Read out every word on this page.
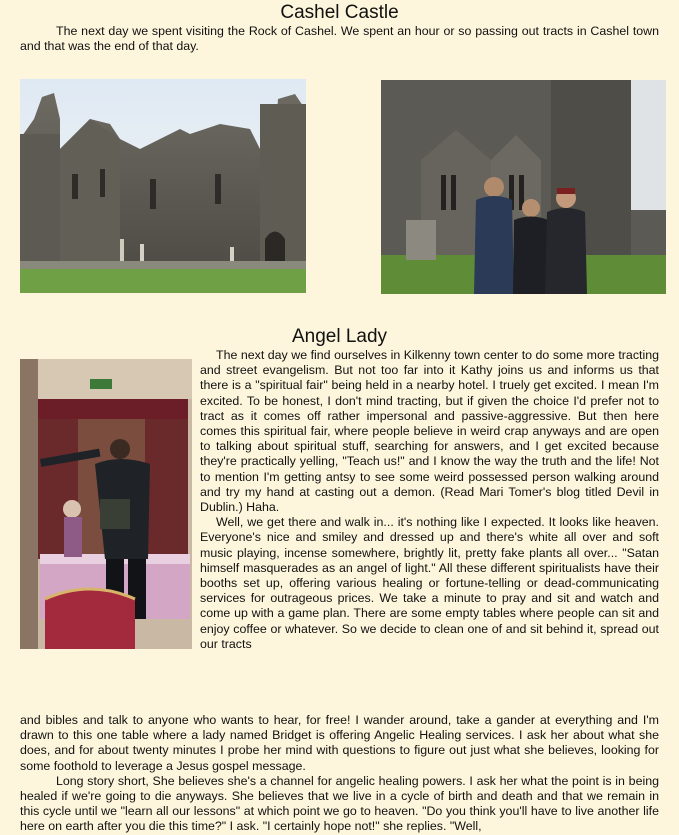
Cashel Castle

The next day we spent visiting the Rock of Cashel. We spent an hour or so passing out tracts in Cashel town and that was the end of that day.

Angel Lady

The next day we find ourselves in Kilkenny town center to do some more tracting and street evangelism. But not too far into it Kathy joins us and informs us that there is a "spiritual fair" being held in a nearby hotel. I truely get excited. I mean I'm excited. To be honest, I don't mind tracting, but if given the choice I'd prefer not to tract as it comes off rather impersonal and passive-aggressive. But then here comes this spiritual fair, where people believe in weird crap anyways and are open to talking about spiritual stuff, searching for answers, and I get excited because they're practically yelling, "Teach us!" and I know the way the truth and the life! Not to mention I'm getting antsy to see some weird possessed person walking around and try my hand at casting out a demon. (Read Mari Tomer's blog titled Devil in Dublin.) Haha.

Well, we get there and walk in... it's nothing like I expected. It looks like heaven. Everyone's nice and smiley and dressed up and there's white all over and soft music playing, incense somewhere, brightly lit, pretty fake plants all over... "Satan himself masquerades as an angel of light." All these different spiritualists have their booths set up, offering various healing or fortune-telling or dead-communicating services for outrageous prices. We take a minute to pray and sit and watch and come up with a game plan. There are some empty tables where people can sit and enjoy coffee or whatever. So we decide to clean one of and sit behind it, spread out our tracts

and bibles and talk to anyone who wants to hear, for free! I wander around, take a gander at everything and I'm drawn to this one table where a lady named Bridget is offering Angelic Healing services. I ask her about what she does, and for about twenty minutes I probe her mind with questions to figure out just what she believes, looking for some foothold to leverage a Jesus gospel message.

Long story short, She believes she's a channel for angelic healing powers. I ask her what the point is in being healed if we're going to die anyways. She believes that we live in a cycle of birth and death and that we remain in this cycle until we "learn all our lessons" at which point we go to heaven. "Do you think you'll have to live another life here on earth after you die this time?" I ask. "I certainly hope not!" she replies. "Well,
